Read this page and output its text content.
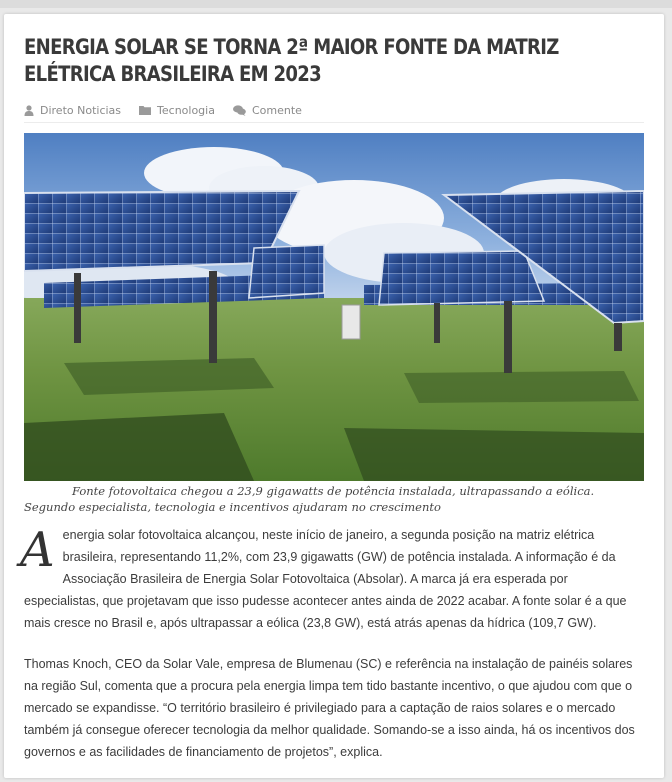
ENERGIA SOLAR SE TORNA 2ª MAIOR FONTE DA MATRIZ ELÉTRICA BRASILEIRA EM 2023
Direto Noticias	Tecnologia	Comente

Fonte fotovoltaica chegou a 23,9 gigawatts de potência instalada, ultrapassando a eólica. Segundo especialista, tecnologia e incentivos ajudaram no crescimento

A energia solar fotovoltaica alcançou, neste início de janeiro, a segunda posição na matriz elétrica brasileira, representando 11,2%, com 23,9 gigawatts (GW) de potência instalada. A informação é da Associação Brasileira de Energia Solar Fotovoltaica (Absolar). A marca já era esperada por especialistas, que projetavam que isso pudesse acontecer antes ainda de 2022 acabar. A fonte solar é a que mais cresce no Brasil e, após ultrapassar a eólica (23,8 GW), está atrás apenas da hídrica (109,7 GW).

Thomas Knoch, CEO da Solar Vale, empresa de Blumenau (SC) e referência na instalação de painéis solares na região Sul, comenta que a procura pela energia limpa tem tido bastante incentivo, o que ajudou com que o mercado se expandisse. “O território brasileiro é privilegiado para a captação de raios solares e o mercado também já consegue oferecer tecnologia da melhor qualidade. Somando-se a isso ainda, há os incentivos dos governos e as facilidades de financiamento de projetos”, explica.
